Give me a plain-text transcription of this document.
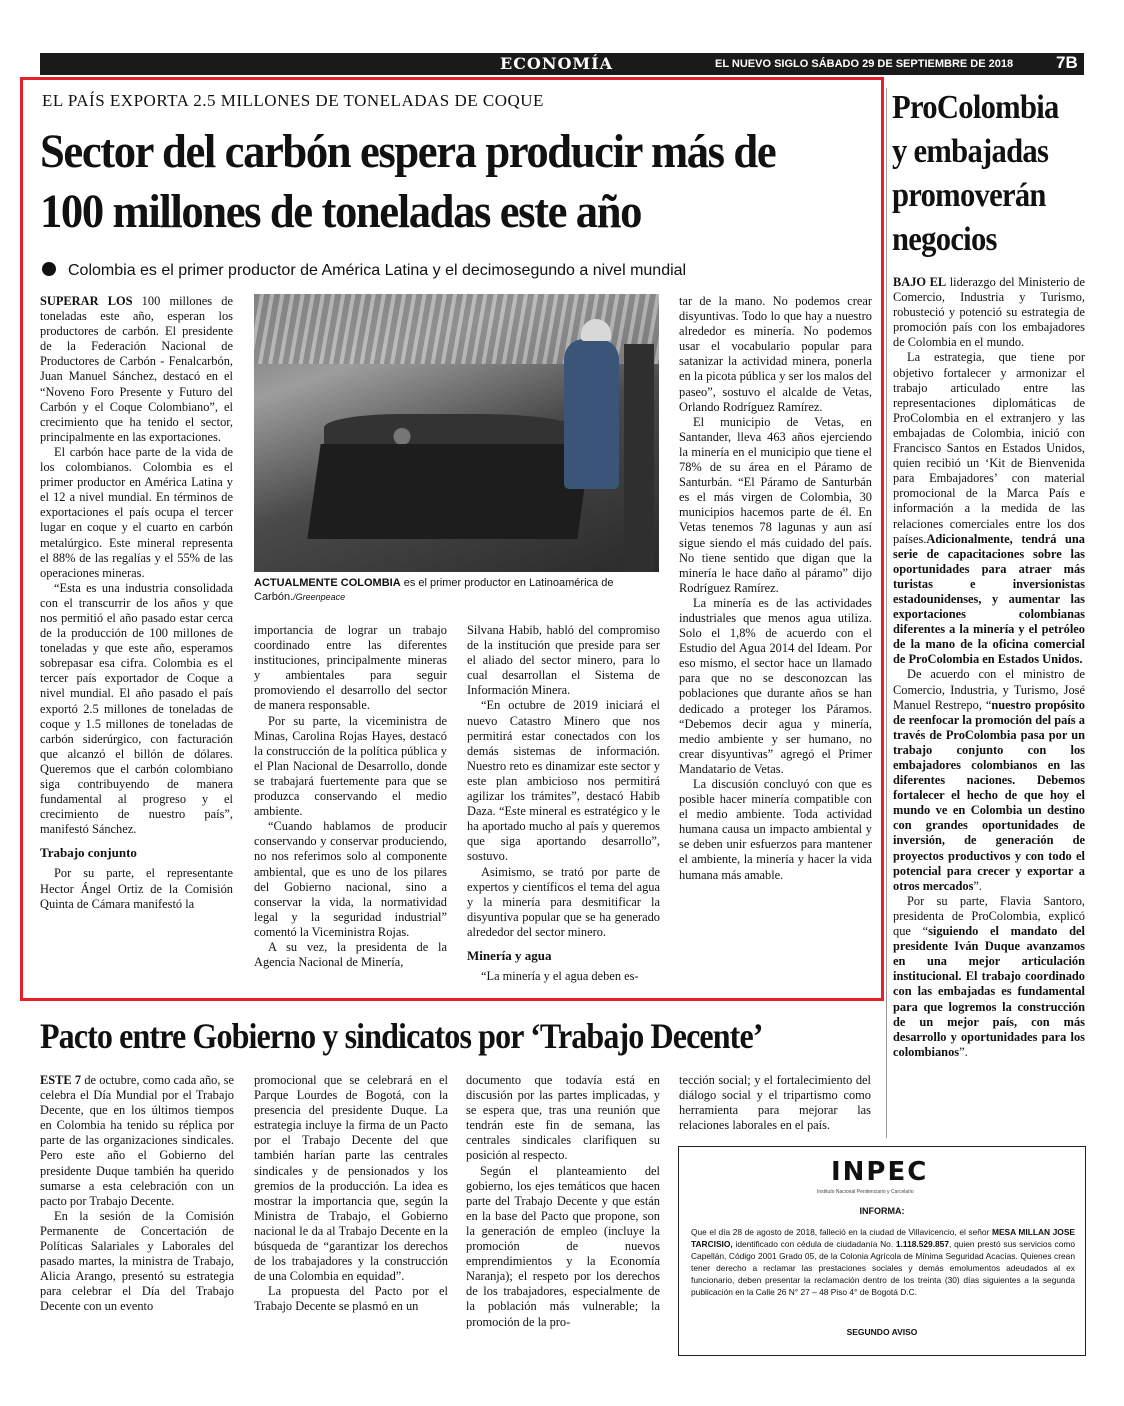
ECONOMÍA	EL NUEVO SIGLO SÁBADO 29 DE SEPTIEMBRE DE 2018	7B
EL PAÍS EXPORTA 2.5 MILLONES DE TONELADAS DE COQUE
Sector del carbón espera producir más de 100 millones de toneladas este año
Colombia es el primer productor de América Latina y el decimosegundo a nivel mundial

SUPERAR LOS 100 millones de toneladas este año, esperan los productores de carbón. El presidente de la Federación Nacional de Productores de Carbón - Fenalcarbón, Juan Manuel Sánchez, destacó en el “Noveno Foro Presente y Futuro del Carbón y el Coque Colombiano”, el crecimiento que ha tenido el sector, principalmente en las exportaciones.

El carbón hace parte de la vida de los colombianos. Colombia es el primer productor en América Latina y el 12 a nivel mundial. En términos de exportaciones el país ocupa el tercer lugar en coque y el cuarto en carbón metalúrgico. Este mineral representa el 88% de las regalías y el 55% de las operaciones mineras.

“Esta es una industria consolidada con el transcurrir de los años y que nos permitió el año pasado estar cerca de la producción de 100 millones de toneladas y que este año, esperamos sobrepasar esa cifra. Colombia es el tercer país exportador de Coque a nivel mundial. El año pasado el país exportó 2.5 millones de toneladas de coque y 1.5 millones de toneladas de carbón siderúrgico, con facturación que alcanzó el billón de dólares. Queremos que el carbón colombiano siga contribuyendo de manera fundamental al progreso y el crecimiento de nuestro país”, manifestó Sánchez.

Trabajo conjunto

Por su parte, el representante Hector Ángel Ortiz de la Comisión Quinta de Cámara manifestó la

ACTUALMENTE COLOMBIA es el primer productor en Latinoamérica de Carbón./Greenpeace

importancia de lograr un trabajo coordinado entre las diferentes instituciones, principalmente mineras y ambientales para seguir promoviendo el desarrollo del sector de manera responsable.

Por su parte, la viceministra de Minas, Carolina Rojas Hayes, destacó la construcción de la política pública y el Plan Nacional de Desarrollo, donde se trabajará fuertemente para que se produzca conservando el medio ambiente.

“Cuando hablamos de producir conservando y conservar produciendo, no nos referimos solo al componente ambiental, que es uno de los pilares del Gobierno nacional, sino a conservar la vida, la normatividad legal y la seguridad industrial” comentó la Viceministra Rojas.

A su vez, la presidenta de la Agencia Nacional de Minería,

Silvana Habib, habló del compromiso de la institución que preside para ser el aliado del sector minero, para lo cual desarrollan el Sistema de Información Minera.

“En octubre de 2019 iniciará el nuevo Catastro Minero que nos permitirá estar conectados con los demás sistemas de información. Nuestro reto es dinamizar este sector y este plan ambicioso nos permitirá agilizar los trámites”, destacó Habib Daza. “Este mineral es estratégico y le ha aportado mucho al país y queremos que siga aportando desarrollo”, sostuvo.

Asimismo, se trató por parte de expertos y científicos el tema del agua y la minería para desmitificar la disyuntiva popular que se ha generado alrededor del sector minero.

Minería y agua

“La minería y el agua deben es-

tar de la mano. No podemos crear disyuntivas. Todo lo que hay a nuestro alrededor es minería. No podemos usar el vocabulario popular para satanizar la actividad minera, ponerla en la picota pública y ser los malos del paseo”, sostuvo el alcalde de Vetas, Orlando Rodríguez Ramírez.

El municipio de Vetas, en Santander, lleva 463 años ejerciendo la minería en el municipio que tiene el 78% de su área en el Páramo de Santurbán. “El Páramo de Santurbán es el más virgen de Colombia, 30 municipios hacemos parte de él. En Vetas tenemos 78 lagunas y aun así sigue siendo el más cuidado del país. No tiene sentido que digan que la minería le hace daño al páramo” dijo Rodríguez Ramírez.

La minería es de las actividades industriales que menos agua utiliza. Solo el 1,8% de acuerdo con el Estudio del Agua 2014 del Ideam. Por eso mismo, el sector hace un llamado para que no se desconozcan las poblaciones que durante años se han dedicado a proteger los Páramos. “Debemos decir agua y minería, medio ambiente y ser humano, no crear disyuntivas” agregó el Primer Mandatario de Vetas.

La discusión concluyó con que es posible hacer minería compatible con el medio ambiente. Toda actividad humana causa un impacto ambiental y se deben unir esfuerzos para mantener el ambiente, la minería y hacer la vida humana más amable.

ProColombia y embajadas promoverán negocios

BAJO EL liderazgo del Ministerio de Comercio, Industria y Turismo, robusteció y potenció su estrategia de promoción país con los embajadores de Colombia en el mundo.

La estrategia, que tiene por objetivo fortalecer y armonizar el trabajo articulado entre las representaciones diplomáticas de ProColombia en el extranjero y las embajadas de Colombia, inició con Francisco Santos en Estados Unidos, quien recibió un ‘Kit de Bienvenida para Embajadores’ con material promocional de la Marca País e información a la medida de las relaciones comerciales entre los dos países.Adicionalmente, tendrá una serie de capacitaciones sobre las oportunidades para atraer más turistas e inversionistas estadounidenses, y aumentar las exportaciones colombianas diferentes a la minería y el petróleo de la mano de la oficina comercial de ProColombia en Estados Unidos.

De acuerdo con el ministro de Comercio, Industria, y Turismo, José Manuel Restrepo, “nuestro propósito de reenfocar la promoción del país a través de ProColombia pasa por un trabajo conjunto con los embajadores colombianos en las diferentes naciones. Debemos fortalecer el hecho de que hoy el mundo ve en Colombia un destino con grandes oportunidades de inversión, de generación de proyectos productivos y con todo el potencial para crecer y exportar a otros mercados”.

Por su parte, Flavia Santoro, presidenta de ProColombia, explicó que “siguiendo el mandato del presidente Iván Duque avanzamos en una mejor articulación institucional. El trabajo coordinado con las embajadas es fundamental para que logremos la construcción de un mejor país, con más desarrollo y oportunidades para los colombianos”.

Pacto entre Gobierno y sindicatos por ‘Trabajo Decente’

ESTE 7 de octubre, como cada año, se celebra el Día Mundial por el Trabajo Decente, que en los últimos tiempos en Colombia ha tenido su réplica por parte de las organizaciones sindicales. Pero este año el Gobierno del presidente Duque también ha querido sumarse a esta celebración con un pacto por Trabajo Decente.

En la sesión de la Comisión Permanente de Concertación de Políticas Salariales y Laborales del pasado martes, la ministra de Trabajo, Alicia Arango, presentó su estrategia para celebrar el Día del Trabajo Decente con un evento

promocional que se celebrará en el Parque Lourdes de Bogotá, con la presencia del presidente Duque. La estrategia incluye la firma de un Pacto por el Trabajo Decente del que también harían parte las centrales sindicales y de pensionados y los gremios de la producción. La idea es mostrar la importancia que, según la Ministra de Trabajo, el Gobierno nacional le da al Trabajo Decente en la búsqueda de “garantizar los derechos de los trabajadores y la construcción de una Colombia en equidad”.

La propuesta del Pacto por el Trabajo Decente se plasmó en un

documento que todavía está en discusión por las partes implicadas, y se espera que, tras una reunión que tendrán este fin de semana, las centrales sindicales clarifiquen su posición al respecto.

Según el planteamiento del gobierno, los ejes temáticos que hacen parte del Trabajo Decente y que están en la base del Pacto que propone, son la generación de empleo (incluye la promoción de nuevos emprendimientos y la Economía Naranja); el respeto por los derechos de los trabajadores, especialmente de la población más vulnerable; la promoción de la pro-

tección social; y el fortalecimiento del diálogo social y el tripartismo como herramienta para mejorar las relaciones laborales en el país.

INPEC
Instituto Nacional Penitenciario y Carcelario
INFORMA:
Que el día 28 de agosto de 2018, falleció en la ciudad de Villavicencio, el señor MESA MILLAN JOSE TARCISIO, identificado con cédula de ciudadanía No. 1.118.529.857, quien prestó sus servicios como Capellán, Código 2001 Grado 05, de la Colonia Agrícola de Mínima Seguridad Acacías. Quienes crean tener derecho a reclamar las prestaciones sociales y demás emolumentos adeudados al ex funcionario, deben presentar la reclamación dentro de los treinta (30) días siguientes a la segunda publicación en la Calle 26 N° 27 – 48 Piso 4° de Bogotá D.C.
SEGUNDO AVISO
